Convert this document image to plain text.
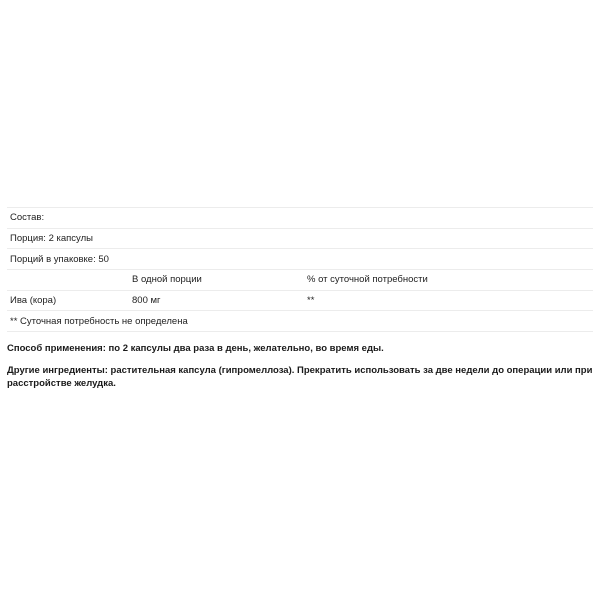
Состав:		
Порция: 2 капсулы		
Порций в упаковке: 50		
	В одной порции	% от суточной потребности
Ива (кора)	800 мг	**
** Суточная потребность не определена		

Способ применения: по 2 капсулы два раза в день, желательно, во время еды.

Другие ингредиенты: растительная капсула (гипромеллоза). Прекратить использовать за две недели до операции или при расстройстве желудка.
